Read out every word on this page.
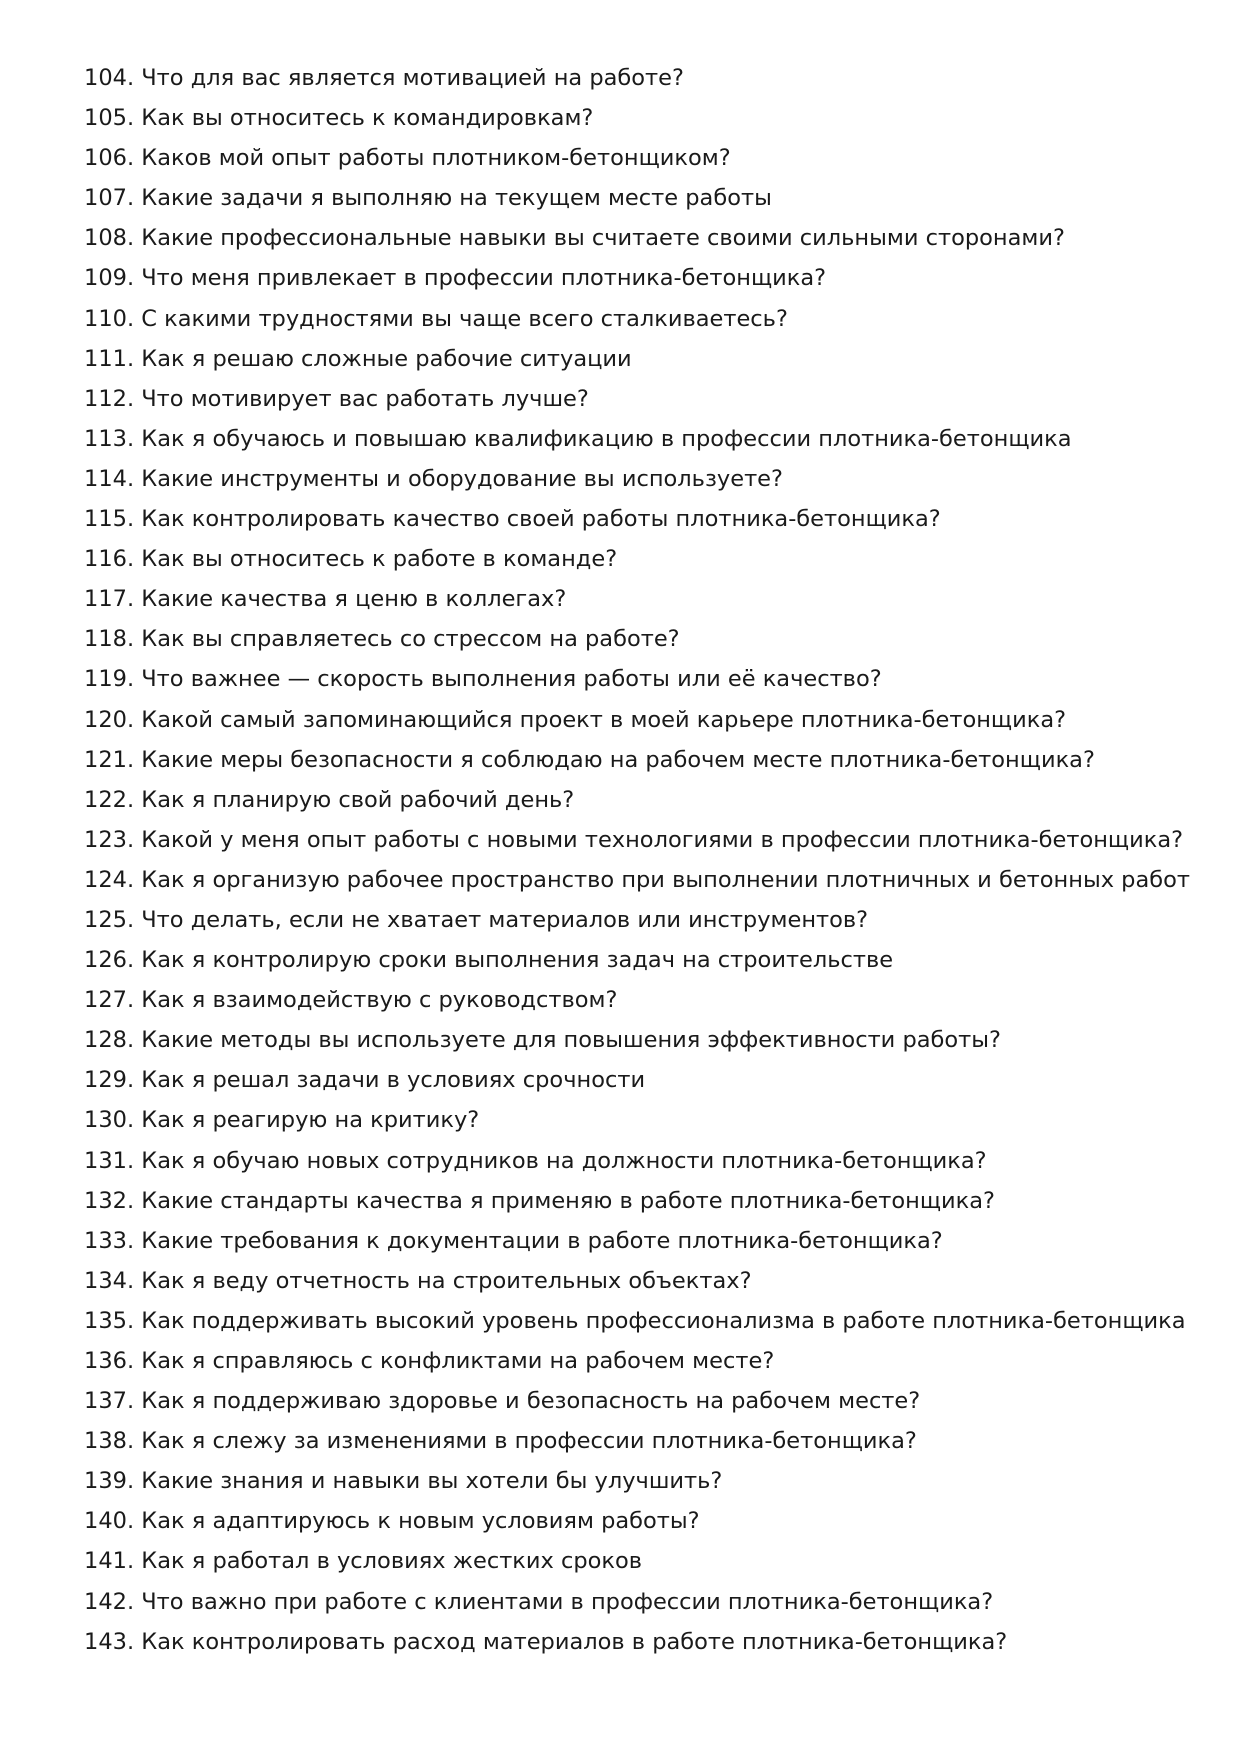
104. Что для вас является мотивацией на работе?
105. Как вы относитесь к командировкам?
106. Каков мой опыт работы плотником-бетонщиком?
107. Какие задачи я выполняю на текущем месте работы
108. Какие профессиональные навыки вы считаете своими сильными сторонами?
109. Что меня привлекает в профессии плотника-бетонщика?
110. С какими трудностями вы чаще всего сталкиваетесь?
111. Как я решаю сложные рабочие ситуации
112. Что мотивирует вас работать лучше?
113. Как я обучаюсь и повышаю квалификацию в профессии плотника-бетонщика
114. Какие инструменты и оборудование вы используете?
115. Как контролировать качество своей работы плотника-бетонщика?
116. Как вы относитесь к работе в команде?
117. Какие качества я ценю в коллегах?
118. Как вы справляетесь со стрессом на работе?
119. Что важнее — скорость выполнения работы или её качество?
120. Какой самый запоминающийся проект в моей карьере плотника-бетонщика?
121. Какие меры безопасности я соблюдаю на рабочем месте плотника-бетонщика?
122. Как я планирую свой рабочий день?
123. Какой у меня опыт работы с новыми технологиями в профессии плотника-бетонщика?
124. Как я организую рабочее пространство при выполнении плотничных и бетонных работ
125. Что делать, если не хватает материалов или инструментов?
126. Как я контролирую сроки выполнения задач на строительстве
127. Как я взаимодействую с руководством?
128. Какие методы вы используете для повышения эффективности работы?
129. Как я решал задачи в условиях срочности
130. Как я реагирую на критику?
131. Как я обучаю новых сотрудников на должности плотника-бетонщика?
132. Какие стандарты качества я применяю в работе плотника-бетонщика?
133. Какие требования к документации в работе плотника-бетонщика?
134. Как я веду отчетность на строительных объектах?
135. Как поддерживать высокий уровень профессионализма в работе плотника-бетонщика
136. Как я справляюсь с конфликтами на рабочем месте?
137. Как я поддерживаю здоровье и безопасность на рабочем месте?
138. Как я слежу за изменениями в профессии плотника-бетонщика?
139. Какие знания и навыки вы хотели бы улучшить?
140. Как я адаптируюсь к новым условиям работы?
141. Как я работал в условиях жестких сроков
142. Что важно при работе с клиентами в профессии плотника-бетонщика?
143. Как контролировать расход материалов в работе плотника-бетонщика?
